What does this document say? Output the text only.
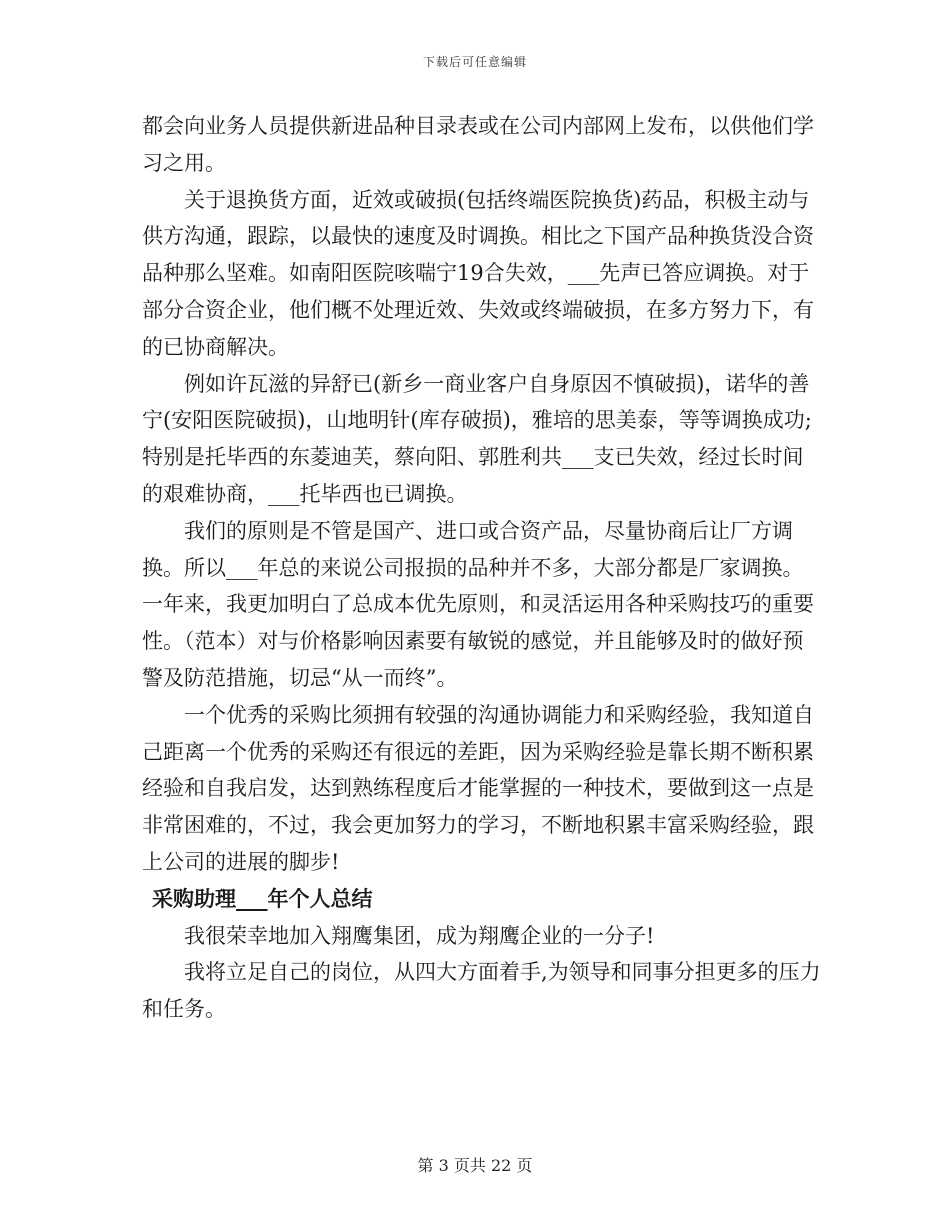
下载后可任意编辑

都会向业务人员提供新进品种目录表或在公司内部网上发布，以供他们学习之用。

关于退换货方面，近效或破损(包括终端医院换货)药品，积极主动与供方沟通，跟踪，以最快的速度及时调换。相比之下国产品种换货没合资品种那么坚难。如南阳医院咳喘宁19合失效，___先声已答应调换。对于部分合资企业，他们概不处理近效、失效或终端破损，在多方努力下，有的已协商解决。

例如许瓦滋的异舒已(新乡一商业客户自身原因不慎破损)，诺华的善宁(安阳医院破损)，山地明针(库存破损)，雅培的思美泰，等等调换成功;特别是托毕西的东菱迪芙，蔡向阳、郭胜利共___支已失效，经过长时间的艰难协商，___托毕西也已调换。

我们的原则是不管是国产、进口或合资产品，尽量协商后让厂方调换。所以___年总的来说公司报损的品种并不多，大部分都是厂家调换。一年来，我更加明白了总成本优先原则，和灵活运用各种采购技巧的重要性。（范本）对与价格影响因素要有敏锐的感觉，并且能够及时的做好预警及防范措施，切忌“从一而终”。

一个优秀的采购比须拥有较强的沟通协调能力和采购经验，我知道自己距离一个优秀的采购还有很远的差距，因为采购经验是靠长期不断积累经验和自我启发，达到熟练程度后才能掌握的一种技术，要做到这一点是非常困难的，不过，我会更加努力的学习，不断地积累丰富采购经验，跟上公司的进展的脚步!

采购助理___年个人总结

我很荣幸地加入翔鹰集团，成为翔鹰企业的一分子!

我将立足自己的岗位，从四大方面着手,为领导和同事分担更多的压力和任务。

第 3 页共 22 页
